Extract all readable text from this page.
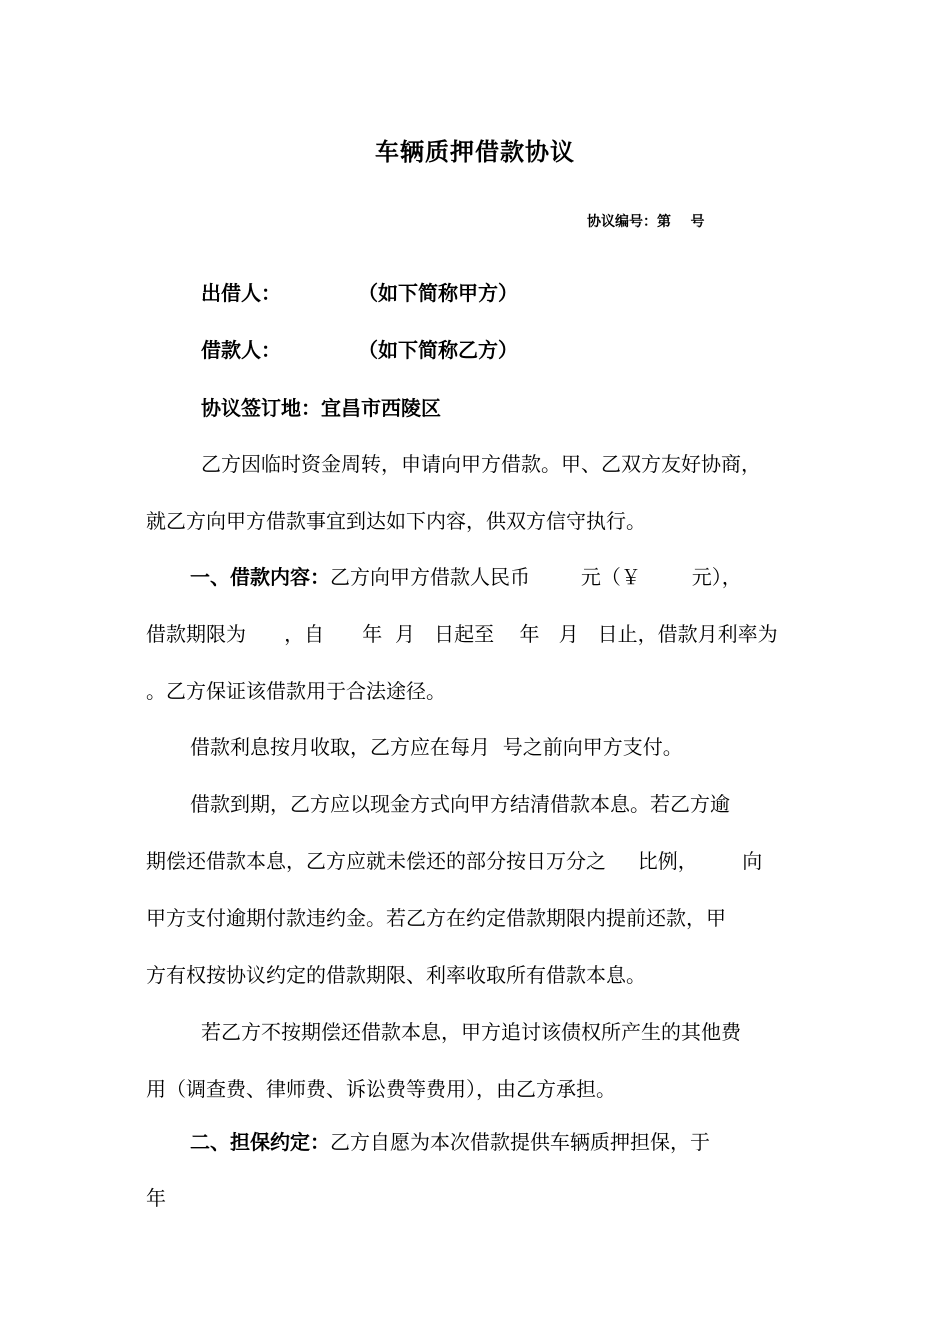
车辆质押借款协议
协议编号：第    号
出借人：	（如下简称甲方）
借款人：	（如下简称乙方）
协议签订地：宜昌市西陵区
乙方因临时资金周转，申请向甲方借款。甲、乙双方友好协商，
就乙方向甲方借款事宜到达如下内容，供双方信守执行。
一、借款内容：乙方向甲方借款人民币        元（￥        元），
借款期限为      ，自      年  月   日起至    年   月   日止，借款月利率为
。乙方保证该借款用于合法途径。
借款利息按月收取，乙方应在每月  号之前向甲方支付。
借款到期，乙方应以现金方式向甲方结清借款本息。若乙方逾
期偿还借款本息，乙方应就未偿还的部分按日万分之     比例，       向
甲方支付逾期付款违约金。若乙方在约定借款期限内提前还款，甲
方有权按协议约定的借款期限、利率收取所有借款本息。
若乙方不按期偿还借款本息，甲方追讨该债权所产生的其他费
用（调查费、律师费、诉讼费等费用），由乙方承担。
二、担保约定：乙方自愿为本次借款提供车辆质押担保，于
年
